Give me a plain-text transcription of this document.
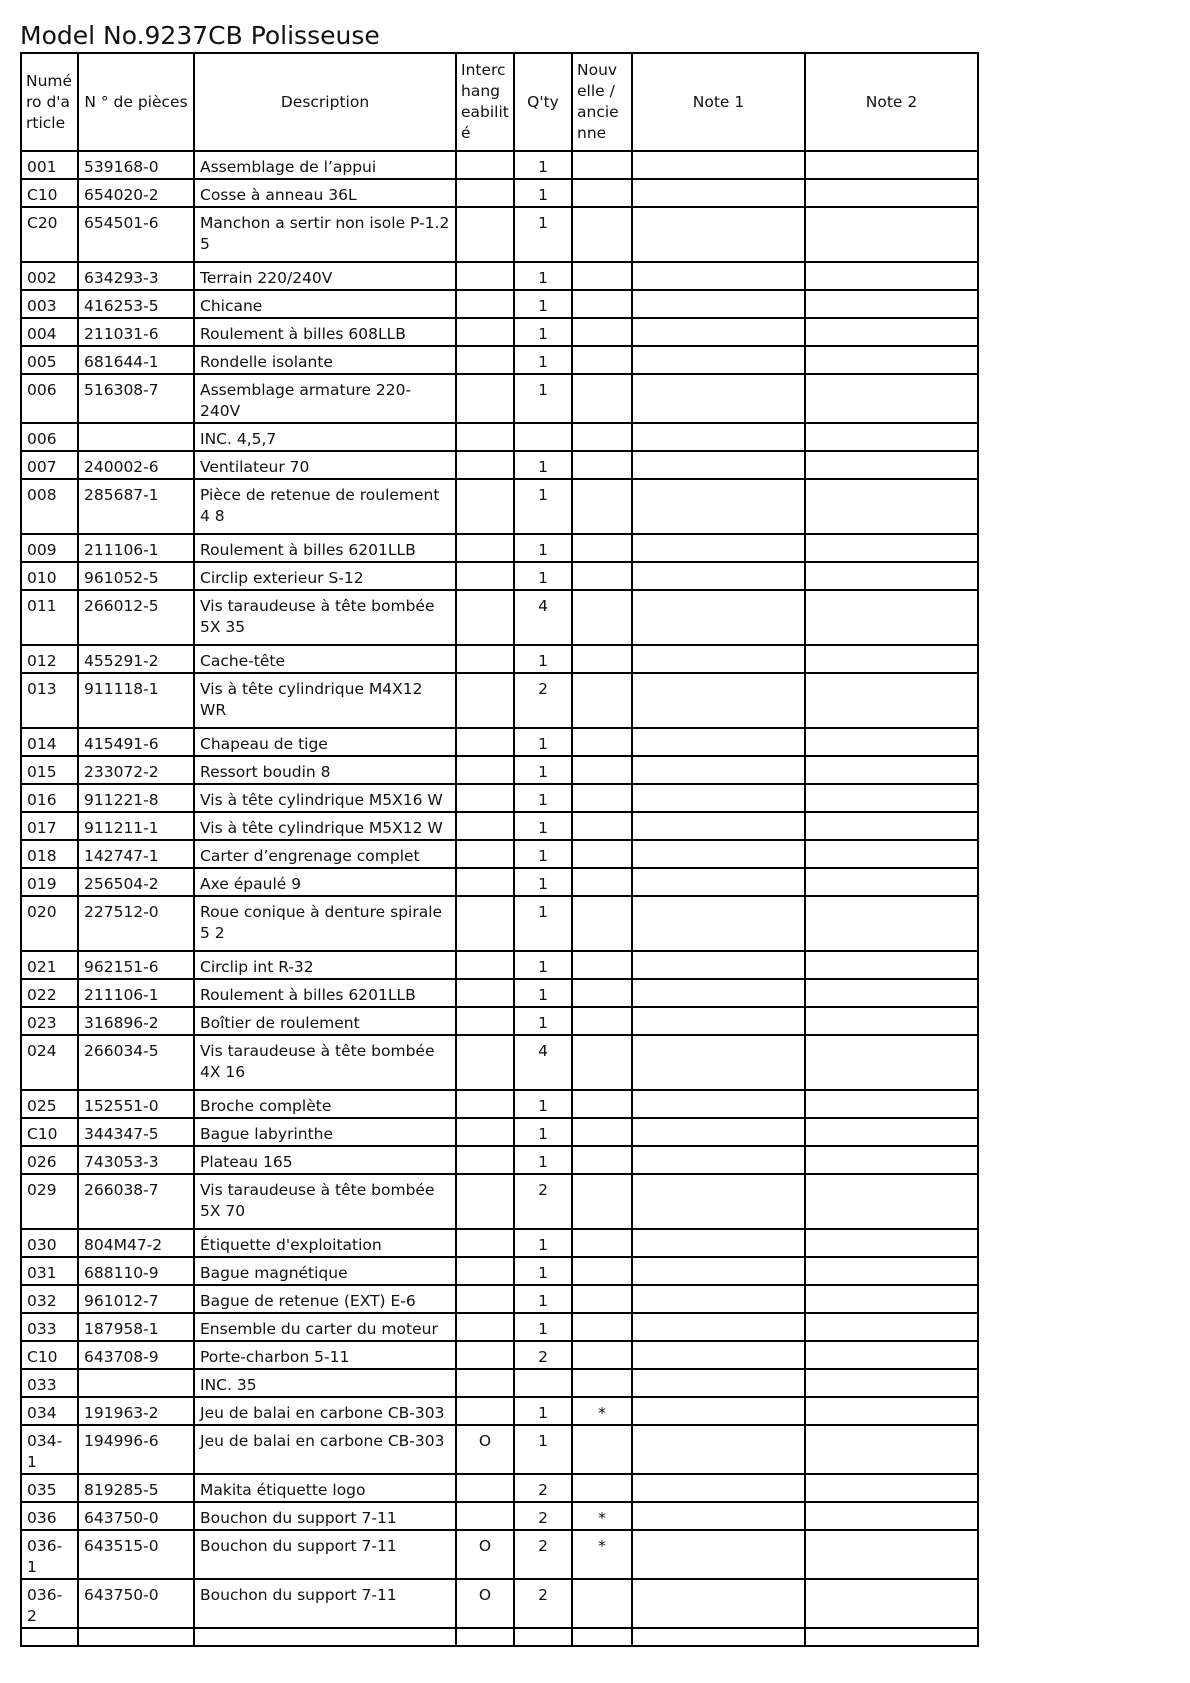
Model No.9237CB Polisseuse
Numé ro d'a rticle	N ° de pièces	Description	Interc hang eabilit é	Q'ty	Nouv elle / ancie nne	Note 1	Note 2
001	539168-0	Assemblage de l’appui		1			
C10	654020-2	Cosse à anneau 36L		1			
C20	654501-6	Manchon a sertir non isole P-1.2 5		1			
002	634293-3	Terrain 220/240V		1			
003	416253-5	Chicane		1			
004	211031-6	Roulement à billes 608LLB		1			
005	681644-1	Rondelle isolante		1			
006	516308-7	Assemblage armature 220-240V		1			
006		INC. 4,5,7					
007	240002-6	Ventilateur 70		1			
008	285687-1	Pièce de retenue de roulement 4 8		1			
009	211106-1	Roulement à billes 6201LLB		1			
010	961052-5	Circlip exterieur S-12		1			
011	266012-5	Vis taraudeuse à tête bombée 5X 35		4			
012	455291-2	Cache-tête		1			
013	911118-1	Vis à tête cylindrique M4X12 WR		2			
014	415491-6	Chapeau de tige		1			
015	233072-2	Ressort boudin 8		1			
016	911221-8	Vis à tête cylindrique M5X16 W		1			
017	911211-1	Vis à tête cylindrique M5X12 W		1			
018	142747-1	Carter d’engrenage complet		1			
019	256504-2	Axe épaulé 9		1			
020	227512-0	Roue conique à denture spirale 5 2		1			
021	962151-6	Circlip int R-32		1			
022	211106-1	Roulement à billes 6201LLB		1			
023	316896-2	Boîtier de roulement		1			
024	266034-5	Vis taraudeuse à tête bombée 4X 16		4			
025	152551-0	Broche complète		1			
C10	344347-5	Bague labyrinthe		1			
026	743053-3	Plateau 165		1			
029	266038-7	Vis taraudeuse à tête bombée 5X 70		2			
030	804M47-2	Étiquette d'exploitation		1			
031	688110-9	Bague magnétique		1			
032	961012-7	Bague de retenue (EXT) E-6		1			
033	187958-1	Ensemble du carter du moteur		1			
C10	643708-9	Porte-charbon 5-11		2			
033		INC. 35					
034	191963-2	Jeu de balai en carbone CB-303		1	*		
034-1	194996-6	Jeu de balai en carbone CB-303	O	1			
035	819285-5	Makita étiquette logo		2			
036	643750-0	Bouchon du support 7-11		2	*		
036-1	643515-0	Bouchon du support 7-11	O	2	*		
036-2	643750-0	Bouchon du support 7-11	O	2			
